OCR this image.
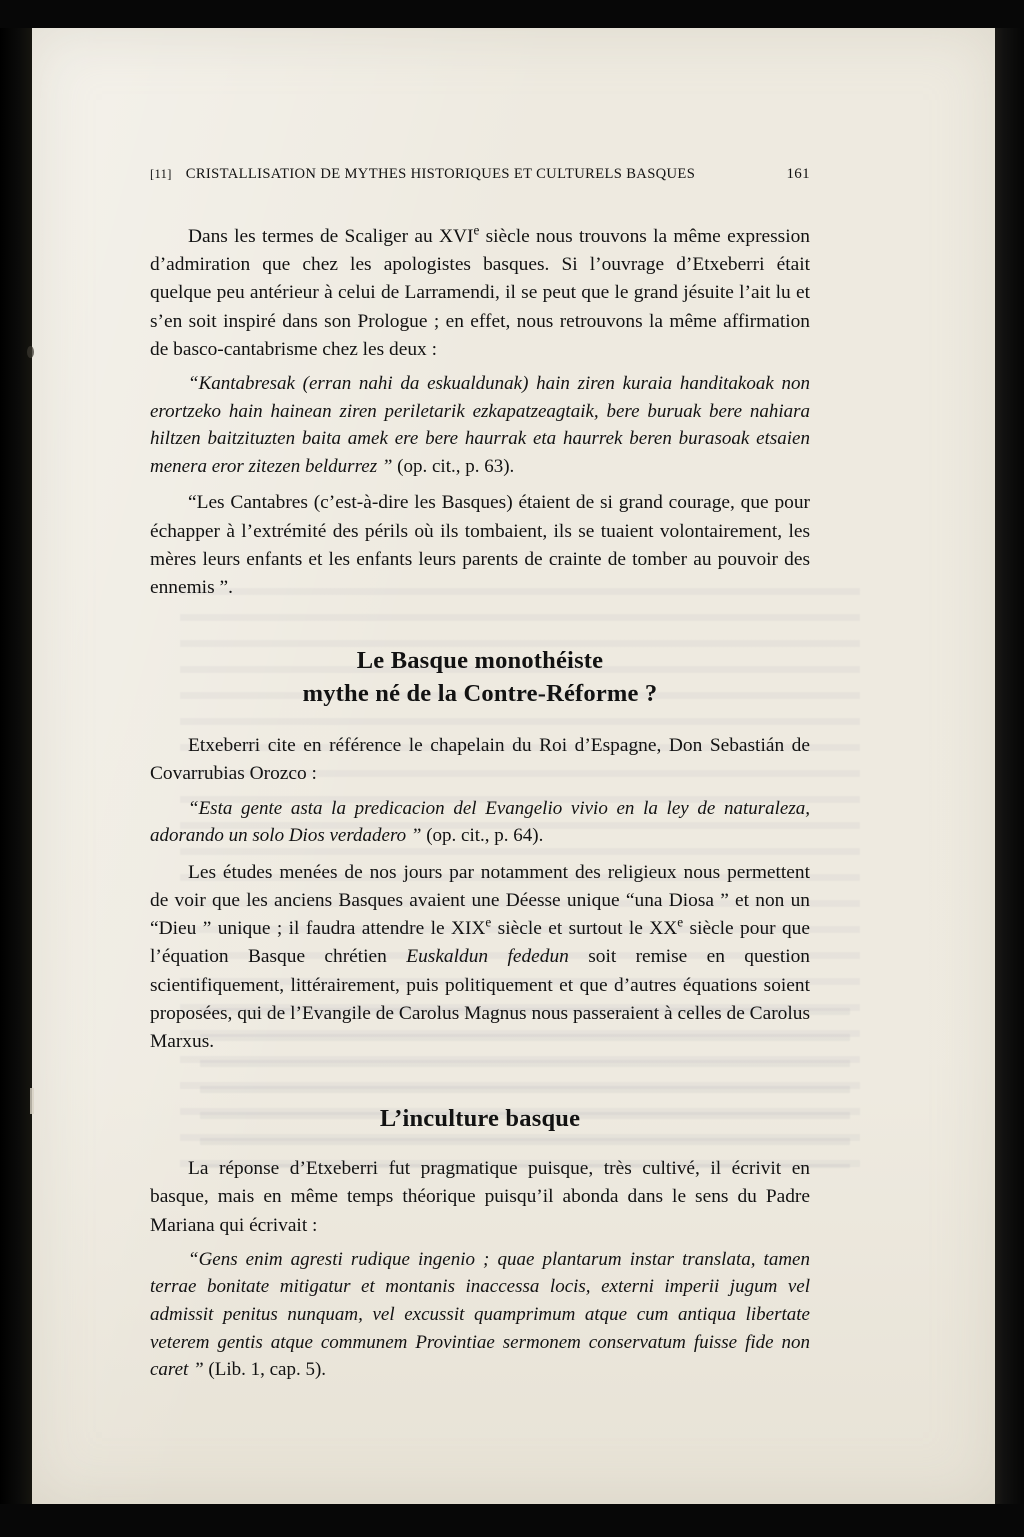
[11] CRISTALLISATION DE MYTHES HISTORIQUES ET CULTURELS BASQUES	161

Dans les termes de Scaliger au XVIe siècle nous trouvons la même expression d’admiration que chez les apologistes basques. Si l’ouvrage d’Etxeberri était quelque peu antérieur à celui de Larramendi, il se peut que le grand jésuite l’ait lu et s’en soit inspiré dans son Prologue ; en effet, nous retrouvons la même affirmation de basco-cantabrisme chez les deux :

“Kantabresak (erran nahi da eskualdunak) hain ziren kuraia handitakoak non erortzeko hain hainean ziren periletarik ezkapatzeagtaik, bere buruak bere nahiara hiltzen baitzituzten baita amek ere bere haurrak eta haurrek beren burasoak etsaien menera eror zitezen beldurrez ” (op. cit., p. 63).

“Les Cantabres (c’est-à-dire les Basques) étaient de si grand courage, que pour échapper à l’extrémité des périls où ils tombaient, ils se tuaient volontairement, les mères leurs enfants et les enfants leurs parents de crainte de tomber au pouvoir des ennemis ”.

Le Basque monothéiste
mythe né de la Contre-Réforme ?

Etxeberri cite en référence le chapelain du Roi d’Espagne, Don Sebastián de Covarrubias Orozco :

“Esta gente asta la predicacion del Evangelio vivio en la ley de naturaleza, adorando un solo Dios verdadero ” (op. cit., p. 64).

Les études menées de nos jours par notamment des religieux nous permettent de voir que les anciens Basques avaient une Déesse unique “una Diosa ” et non un “Dieu ” unique ; il faudra attendre le XIXe siècle et surtout le XXe siècle pour que l’équation Basque chrétien Euskaldun fededun soit remise en question scientifiquement, littérairement, puis politiquement et que d’autres équations soient proposées, qui de l’Evangile de Carolus Magnus nous passeraient à celles de Carolus Marxus.

L’inculture basque

La réponse d’Etxeberri fut pragmatique puisque, très cultivé, il écrivit en basque, mais en même temps théorique puisqu’il abonda dans le sens du Padre Mariana qui écrivait :

“Gens enim agresti rudique ingenio ; quae plantarum instar translata, tamen terrae bonitate mitigatur et montanis inaccessa locis, externi imperii jugum vel admissit penitus nunquam, vel excussit quamprimum atque cum antiqua libertate veterem gentis atque communem Provintiae sermonem conservatum fuisse fide non caret ” (Lib. 1, cap. 5).
